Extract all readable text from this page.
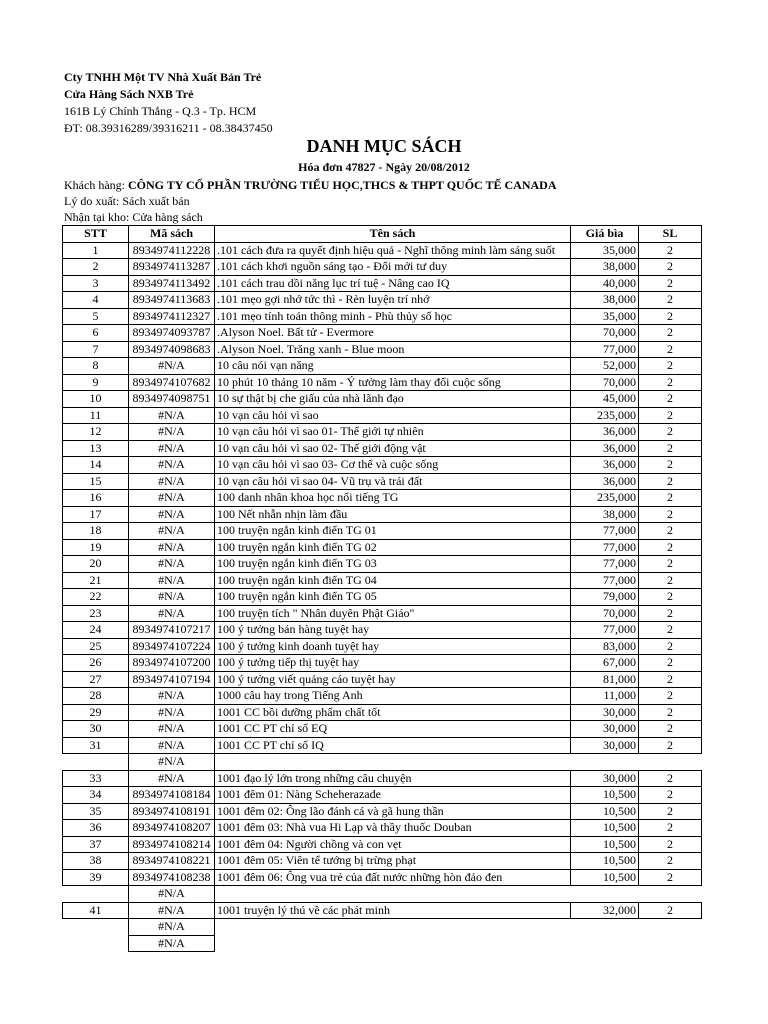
Cty TNHH Một TV Nhà Xuất Bản Trẻ
Cửa Hàng Sách NXB Trẻ
161B Lý Chính Thắng - Q.3 - Tp. HCM
ĐT: 08.39316289/39316211 - 08.38437450
DANH MỤC SÁCH
Hóa đơn 47827 - Ngày 20/08/2012
Khách hàng: CÔNG TY CỔ PHẦN TRƯỜNG TIỂU HỌC,THCS & THPT QUỐC TẾ CANADA
Lý do xuất: Sách xuất bán
Nhận tại kho: Cửa hàng sách
STT	Mã sách	Tên sách	Giá bìa	SL
1	8934974112228	.101 cách đưa ra quyết định hiệu quả - Nghĩ thông minh làm sáng suốt	35,000	2
2	8934974113287	.101 cách khơi nguồn sáng tạo - Đổi mới tư duy	38,000	2
3	8934974113492	.101 cách trau dồi năng lục trí tuệ - Nâng cao IQ	40,000	2
4	8934974113683	.101 mẹo gợi nhớ tức thì - Rèn luyện trí nhớ	38,000	2
5	8934974112327	.101 mẹo tính toán thông minh - Phù thủy số học	35,000	2
6	8934974093787	.Alyson Noel. Bất tử - Evermore	70,000	2
7	8934974098683	.Alyson Noel. Trăng xanh - Blue moon	77,000	2
8	#N/A	10 câu nói vạn năng	52,000	2
9	8934974107682	10 phút 10 tháng 10 năm - Ý tưởng làm thay đổi cuộc sống	70,000	2
10	8934974098751	10 sự thật bị che giấu của nhà lãnh đạo	45,000	2
11	#N/A	10 vạn câu hỏi vì sao	235,000	2
12	#N/A	10 vạn câu hỏi vì sao 01- Thế giới tự nhiên	36,000	2
13	#N/A	10 vạn câu hỏi vì sao 02- Thế giới động vật	36,000	2
14	#N/A	10 vạn câu hỏi vì sao 03- Cơ thể và cuộc sống	36,000	2
15	#N/A	10 vạn câu hỏi vì sao 04- Vũ trụ và trái đất	36,000	2
16	#N/A	100 danh nhân khoa học nổi tiếng TG	235,000	2
17	#N/A	100 Nết nhẫn nhịn làm đầu	38,000	2
18	#N/A	100 truyện ngắn kinh điển TG 01	77,000	2
19	#N/A	100 truyện ngắn kinh điển TG 02	77,000	2
20	#N/A	100 truyện ngắn kinh điển TG 03	77,000	2
21	#N/A	100 truyện ngắn kinh điển TG 04	77,000	2
22	#N/A	100 truyện ngắn kinh điển TG 05	79,000	2
23	#N/A	100 truyện tích " Nhân duyên Phật Giáo"	70,000	2
24	8934974107217	100 ý tưởng bán hàng tuyệt hay	77,000	2
25	8934974107224	100 ý tưởng kinh doanh tuyệt hay	83,000	2
26	8934974107200	100 ý tưởng tiếp thị tuyệt hay	67,000	2
27	8934974107194	100 ý tưởng viết quảng cáo tuyệt hay	81,000	2
28	#N/A	1000 câu hay trong Tiếng Anh	11,000	2
29	#N/A	1001 CC bồi dưỡng phẩm chất tốt	30,000	2
30	#N/A	1001 CC PT chỉ số EQ	30,000	2
31	#N/A	1001 CC PT chỉ số IQ	30,000	2
	#N/A			
33	#N/A	1001 đạo lý lớn trong những câu chuyện	30,000	2
34	8934974108184	1001 đêm 01: Nàng Scheherazade	10,500	2
35	8934974108191	1001 đêm 02: Ông lão đánh cá và gã hung thần	10,500	2
36	8934974108207	1001 đêm 03: Nhà vua Hi Lạp và thầy thuốc Douban	10,500	2
37	8934974108214	1001 đêm 04: Người chồng và con vẹt	10,500	2
38	8934974108221	1001 đêm 05: Viên tể tướng bị trừng phạt	10,500	2
39	8934974108238	1001 đêm 06: Ông vua trẻ của đất nước những hòn đảo đen	10,500	2
	#N/A			
41	#N/A	1001 truyện lý thú về các phát minh	32,000	2
	#N/A			
	#N/A			
